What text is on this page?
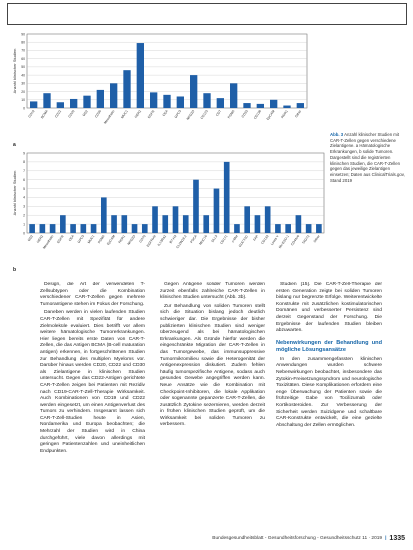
0
10
20
30
40
50
60
70
80
90
Anzahl klinischer Studien
CD19 BCMA CD22 CD20 GD2 CD30 Mesothelin MUC1 HER2 EGFR CEA GPC3 NKG2D CD123 CD7 PSMA CD33 CD138 EpCAM ROR1 Other
a
0
1
2
3
4
5
6
7
8
9
Anzahl klinischer Studien
GD2 HER2
Mesothelin EGFR CEA GPC3 MUC1 PSMA EpCAM ROR1 NKG2D CD70 EGFRvIII IL13Ra2 B7-H3
CLDN18.2 PSCA MUC16 DLL3 CD171 c-Met GUCY2C FAP CD133 Lewis Y
NY-ESO-1 CD44v6 TAG72 Other
b
Abb. 3 Anzahl klinischer Studien mit CAR-T-Zellen gegen verschiedene Zielantigene. a Hämatologische Erkrankungen, b solide Tumoren. Dargestellt sind die registrierten klinischen Studien, die CAR-T-Zellen gegen das jeweilige Zielantigen einsetzen; Daten aus ClinicalTrials.gov, Stand 2019

Design, die Art der verwendeten T-Zellsubtypen oder die Kombination verschiedener CAR-T-Zellen gegen mehrere Tumorantigene stehen im Fokus der Forschung.

Daneben werden in vielen laufenden Studien CAR-T-Zellen mit Spezifität für andere Zielmoleküle evaluiert. Dies betrifft vor allem weitere hämatologische Tumorerkrankungen. Hier liegen bereits erste Daten von CAR-T-Zellen, die das Antigen BCMA (B-cell maturation antigen) erkennen, in fortgeschrittenen Studien zur Behandlung des multiplen Myeloms vor. Darüber hinaus werden CD20, CD22 und CD30 als Zielantigene in klinischen Studien untersucht. Gegen das CD22-Antigen gerichtete CAR-T-Zellen zeigen bei Patienten mit Rezidiv nach CD19-CAR-T-Zell-Therapie Wirksamkeit. Auch Kombinationen von CD19 und CD22 werden eingesetzt, um einen Antigenverlust des Tumors zu verhindern. Insgesamt lassen sich CAR-T-Zell-Studien heute in Asien, Nordamerika und Europa beobachten; die Mehrzahl der Studien wird in China durchgeführt, viele davon allerdings mit geringen Patientenzahlen und uneinheitlichen Endpunkten.

Gegen Antigene solider Tumoren werden zurzeit ebenfalls zahlreiche CAR-T-Zellen in klinischen Studien untersucht (Abb. 3b).

Zur Behandlung von soliden Tumoren stellt sich die Situation bislang jedoch deutlich schwieriger dar. Die Ergebnisse der bisher publizierten klinischen Studien sind weniger überzeugend als bei hämatologischen Erkrankungen. Als Gründe hierfür werden die eingeschränkte Migration der CAR-T-Zellen in das Tumorgewebe, das immunsuppressive Tumormikromilieu sowie die Heterogenität der Antigenexpression diskutiert. Zudem fehlen häufig tumorspezifische Antigene, sodass auch gesundes Gewebe angegriffen werden kann. Neue Ansätze wie die Kombination mit Checkpoint-Inhibitoren, die lokale Applikation oder sogenannte gepanzerte CAR-T-Zellen, die zusätzlich Zytokine sezernieren, werden derzeit in frühen klinischen Studien geprüft, um die Wirksamkeit bei soliden Tumoren zu verbessern.

Studien [15]. Die CAR-T-Zell-Therapie der ersten Generation zeigte bei soliden Tumoren bislang nur begrenzte Erfolge. Weiterentwickelte Konstrukte mit zusätzlichen kostimulatorischen Domänen und verbesserter Persistenz sind derzeit Gegenstand der Forschung. Die Ergebnisse der laufenden Studien bleiben abzuwarten.

Nebenwirkungen der Behandlung und mögliche Lösungsansätze

In den zusammengefassten klinischen Anwendungen wurden schwere Nebenwirkungen beobachtet, insbesondere das Zytokin-Freisetzungssyndrom und neurologische Toxizitäten. Diese Komplikationen erfordern eine enge Überwachung der Patienten sowie die frühzeitige Gabe von Tocilizumab oder Kortikosteroiden. Zur Verbesserung der Sicherheit werden Suizidgene und schaltbare CAR-Konstrukte entwickelt, die eine gezielte Abschaltung der Zellen ermöglichen.

Bundesgesundheitsblatt - Gesundheitsforschung - Gesundheitsschutz 11 · 2019 | 1335
